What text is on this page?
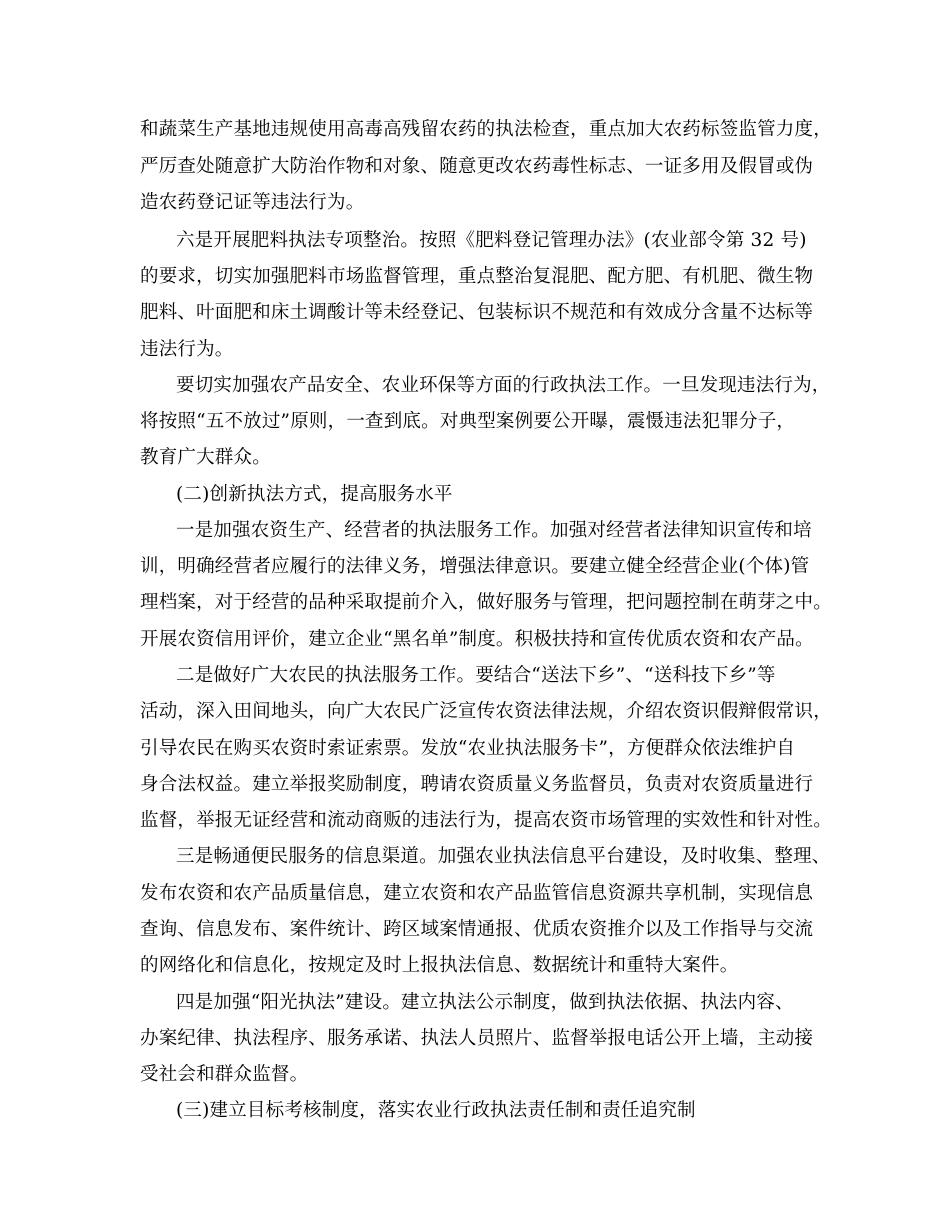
和蔬菜生产基地违规使用高毒高残留农药的执法检查，重点加大农药标签监管力度，
严厉查处随意扩大防治作物和对象、随意更改农药毒性标志、一证多用及假冒或伪
造农药登记证等违法行为。
六是开展肥料执法专项整治。按照《肥料登记管理办法》(农业部令第 32 号)
的要求，切实加强肥料市场监督管理，重点整治复混肥、配方肥、有机肥、微生物
肥料、叶面肥和床土调酸计等未经登记、包装标识不规范和有效成分含量不达标等
违法行为。
要切实加强农产品安全、农业环保等方面的行政执法工作。一旦发现违法行为，
将按照“五不放过”原则，一查到底。对典型案例要公开曝，震慑违法犯罪分子，
教育广大群众。
(二)创新执法方式，提高服务水平
一是加强农资生产、经营者的执法服务工作。加强对经营者法律知识宣传和培
训，明确经营者应履行的法律义务，增强法律意识。要建立健全经营企业(个体)管
理档案，对于经营的品种采取提前介入，做好服务与管理，把问题控制在萌芽之中。
开展农资信用评价，建立企业“黑名单”制度。积极扶持和宣传优质农资和农产品。
二是做好广大农民的执法服务工作。要结合“送法下乡”、“送科技下乡”等
活动，深入田间地头，向广大农民广泛宣传农资法律法规，介绍农资识假辩假常识，
引导农民在购买农资时索证索票。发放“农业执法服务卡”，方便群众依法维护自
身合法权益。建立举报奖励制度，聘请农资质量义务监督员，负责对农资质量进行
监督，举报无证经营和流动商贩的违法行为，提高农资市场管理的实效性和针对性。
三是畅通便民服务的信息渠道。加强农业执法信息平台建设，及时收集、整理、
发布农资和农产品质量信息，建立农资和农产品监管信息资源共享机制，实现信息
查询、信息发布、案件统计、跨区域案情通报、优质农资推介以及工作指导与交流
的网络化和信息化，按规定及时上报执法信息、数据统计和重特大案件。
四是加强“阳光执法”建设。建立执法公示制度，做到执法依据、执法内容、
办案纪律、执法程序、服务承诺、执法人员照片、监督举报电话公开上墙，主动接
受社会和群众监督。
(三)建立目标考核制度，落实农业行政执法责任制和责任追究制
